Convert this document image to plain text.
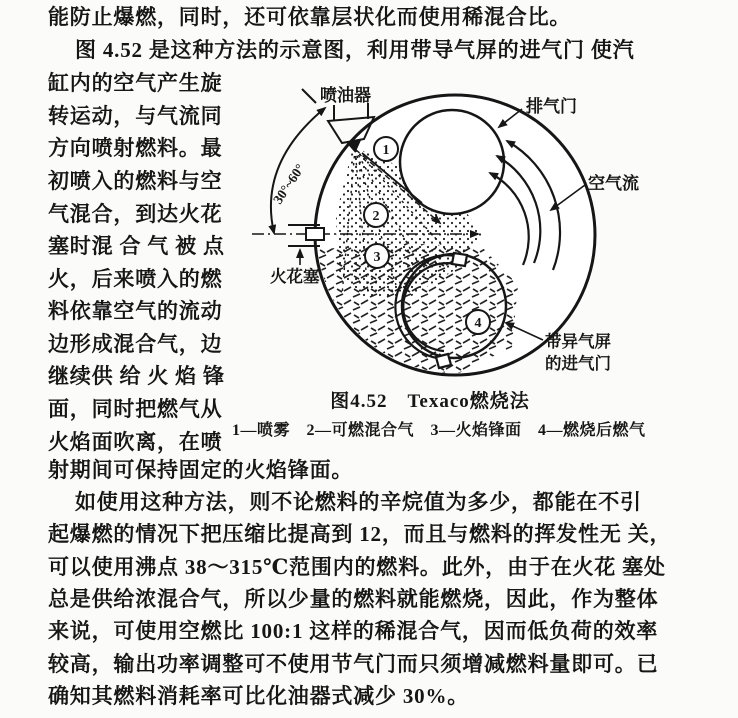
能防止爆燃，同时，还可依靠层状化而使用稀混合比。
图 4.52 是这种方法的示意图，利用带导气屏的进气门 使汽
缸内的空气产生旋
转运动，与气流同
方向喷射燃料。最
初喷入的燃料与空
气混合，到达火花
塞时混 合 气 被 点
火，后来喷入的燃
料依靠空气的流动
边形成混合气，边
继续供 给 火 焰 锋
面，同时把燃气从
火焰面吹离，在喷
射期间可保持固定的火焰锋面。
如使用这种方法，则不论燃料的辛烷值为多少，都能在不引
起爆燃的情况下把压缩比提高到 12，而且与燃料的挥发性无 关，
可以使用沸点 38～315℃范围内的燃料。此外，由于在火花 塞处
总是供给浓混合气，所以少量的燃料就能燃烧，因此，作为整体
来说，可使用空燃比 100:1 这样的稀混合气，因而低负荷的效率
较高，输出功率调整可不使用节气门而只须增减燃料量即可。已
确知其燃料消耗率可比化油器式减少 30%。
30°~60°
火花塞
1
2
3
4
喷油器
排气门
空气流
带异气屏
的进气门
图4.52　Texaco燃烧法
1—喷雾　2—可燃混合气　3—火焰锋面　4—燃烧后燃气
